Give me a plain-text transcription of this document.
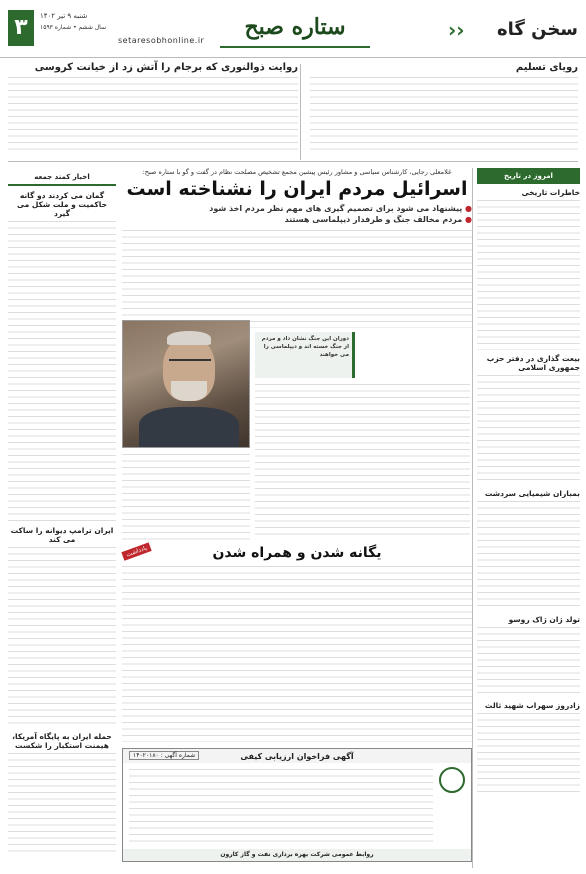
۳	شنبه ۹ تیر ۱۴۰۲
سال ششم • شماره ۱۵۹۳
setaresobhonline.ir
ستاره صبح	سخن گاه
‹‹
رویای تسلیم
روایت ذوالنوری که برجام را آتش زد از خیانت کروسی
امروز در تاریخ
خاطرات تاریخی
بیعت گذاری در دفتر حزب جمهوری اسلامی
بمباران شیمیایی سردشت
تولد ژان ژاک روسو
زادروز سهراب شهید ثالث
غلامعلی رجایی، کارشناس سیاسی و مشاور رئیس پیشین مجمع تشخیص مصلحت نظام در گفت و گو با ستاره صبح:
اسرائیل مردم ایران را نشناخته است
● پیشنهاد می شود برای تصمیم گیری های مهم نظر مردم اخذ شود
● مردم مخالف جنگ و طرفدار دیپلماسی هستند
دوران این جنگ نشان داد و مردم از جنگ خسته اند و دیپلماسی را می خواهند
یگانه شدن و همراه شدن
یادداشت
اخبار کمند جمعه
گمان می کردند دو گانه حاکمیت و ملت شکل می گیرد
ایران ترامپ دیوانه را ساکت می کند
حمله ایران به پایگاه آمریکا، هیمنت استکبار را شکست
آگهی فراخوان ارزیابی کیفی
شماره آگهی : ۱۴۰۲۰۱۸۰
روابط عمومی شرکت بهره برداری نفت و گاز کارون
